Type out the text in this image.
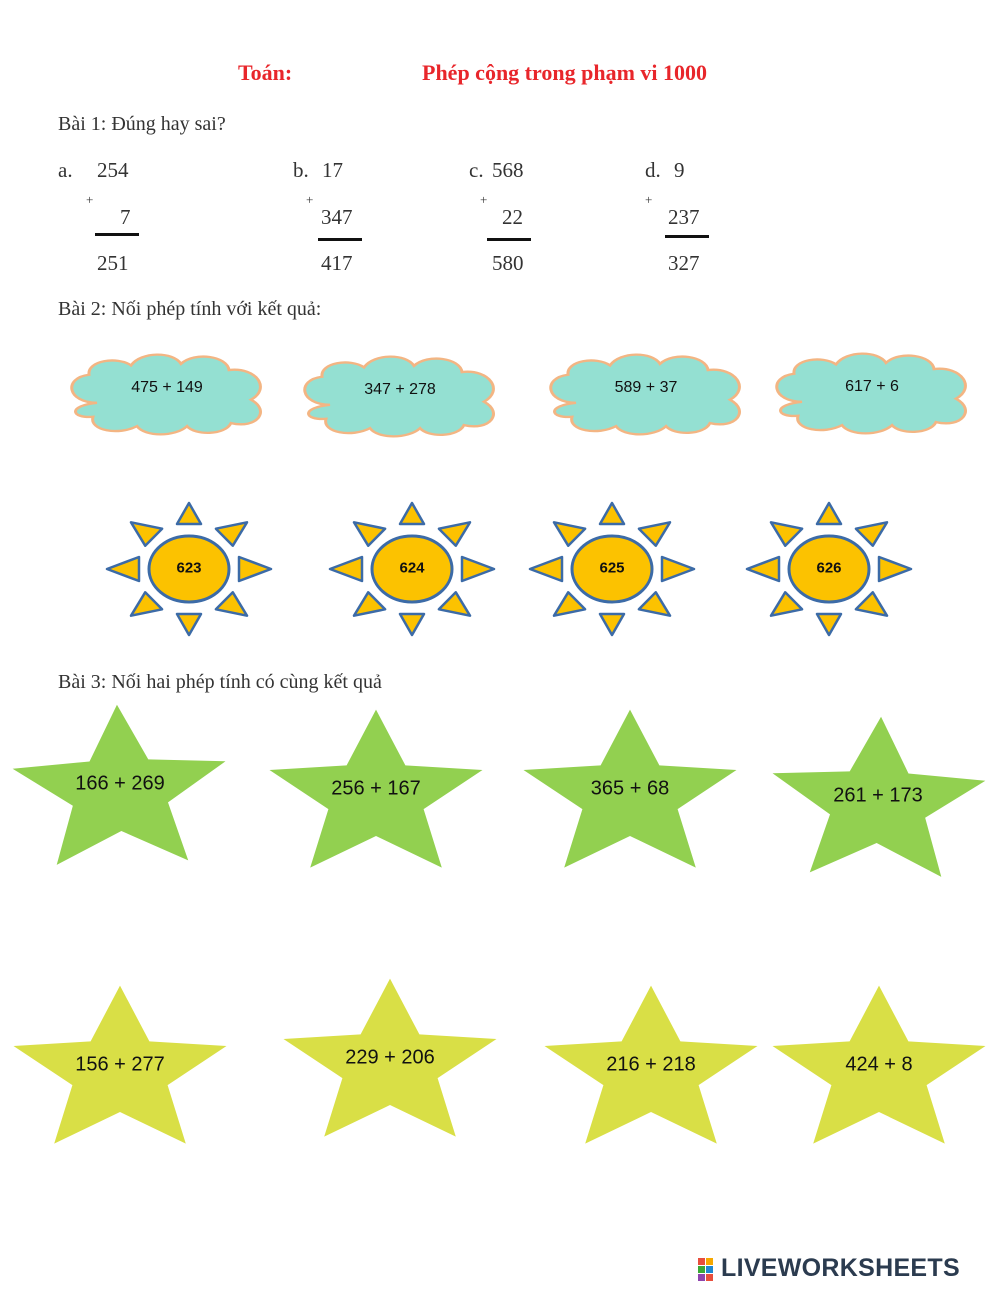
Toán:	Phép cộng trong phạm vi 1000
Bài 1: Đúng hay sai?
a. 254
+
7
251
b. 17
+
347
417
c. 568
+
22
580
d. 9
+
237
327
Bài 2: Nối phép tính với kết quả:
475 + 149	347 + 278	589 + 37	617 + 6
623	624	625	626
Bài 3: Nối hai phép tính có cùng kết quả
166 + 269	256 + 167	365 + 68	261 + 173
156 + 277	229 + 206	216 + 218	424 + 8
LIVEWORKSHEETS
